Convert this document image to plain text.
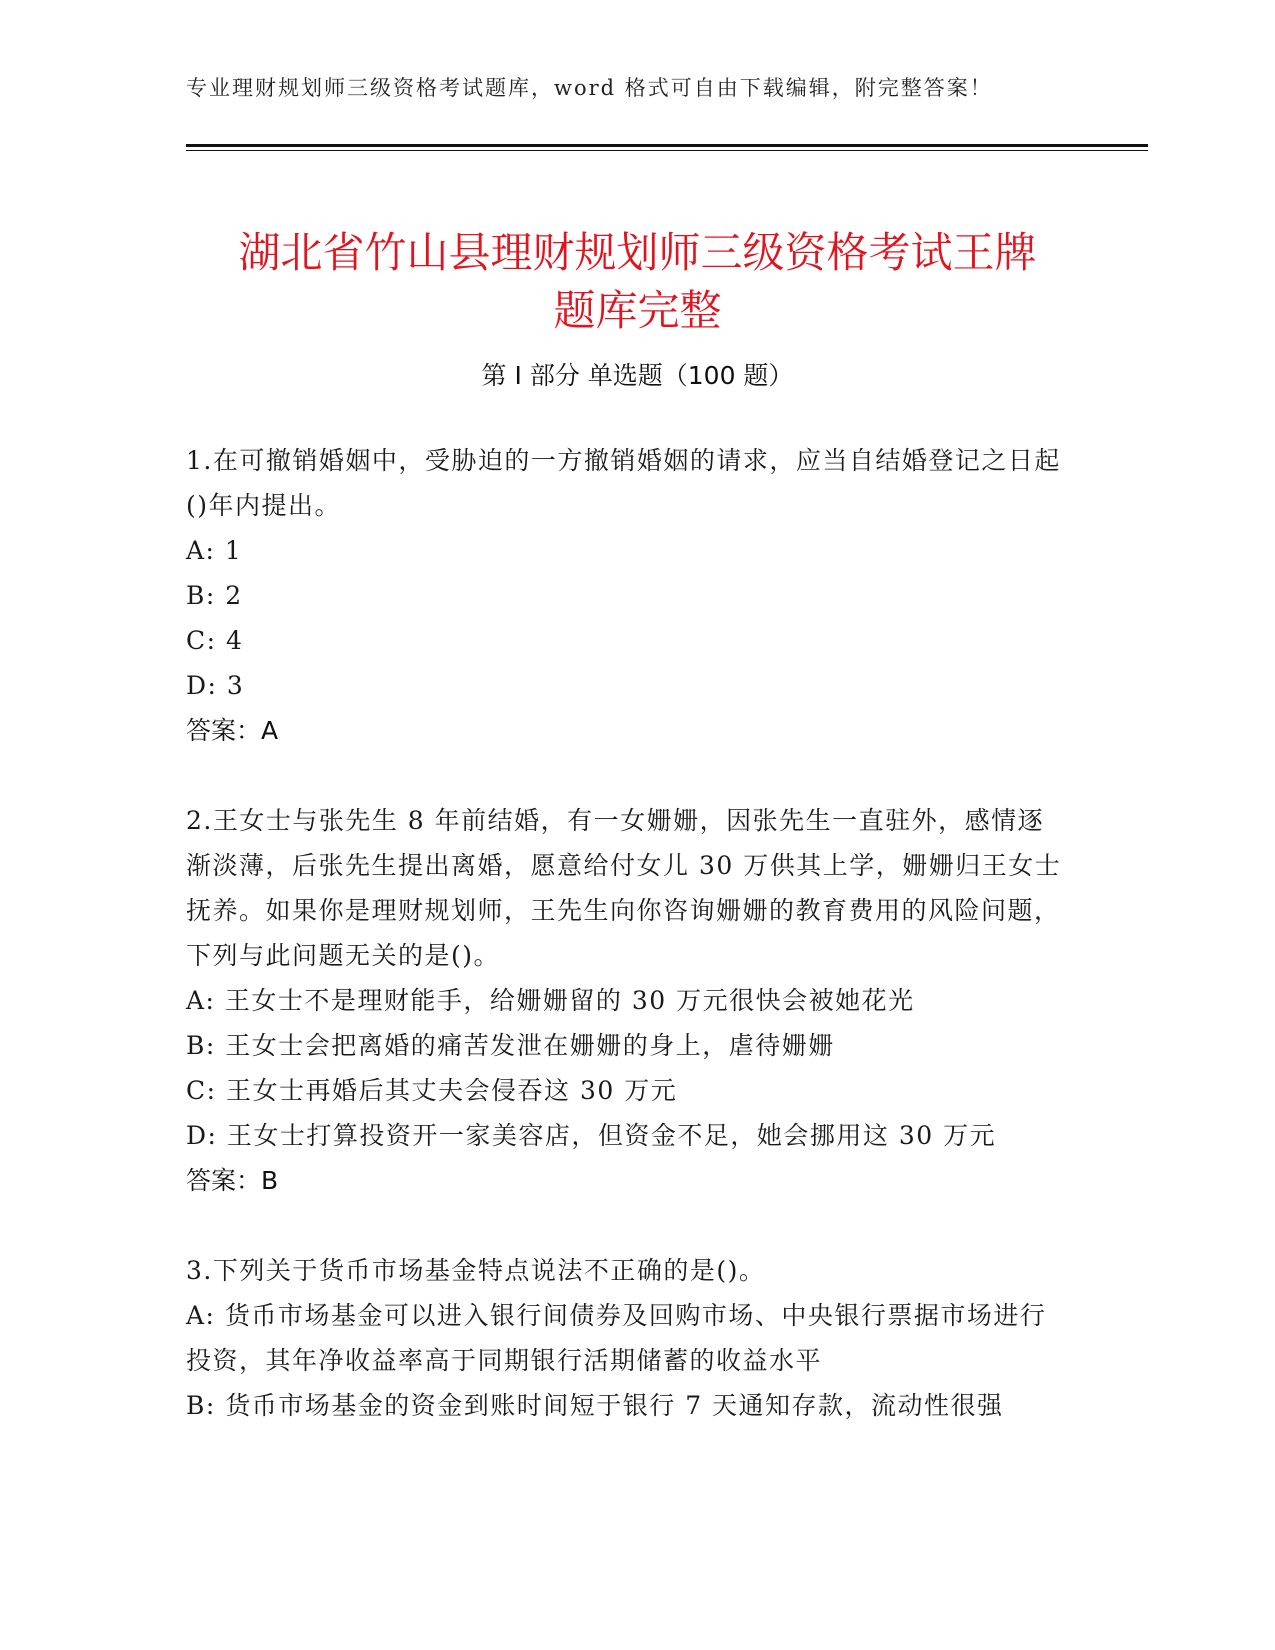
专业理财规划师三级资格考试题库，word 格式可自由下载编辑，附完整答案！
湖北省竹山县理财规划师三级资格考试王牌
题库完整
第 I 部分 单选题（100 题）

1.在可撤销婚姻中，受胁迫的一方撤销婚姻的请求，应当自结婚登记之日起()年内提出。

A: 1

B: 2

C: 4

D: 3

答案：A

2.王女士与张先生 8 年前结婚，有一女姗姗，因张先生一直驻外，感情逐渐淡薄，后张先生提出离婚，愿意给付女儿 30 万供其上学，姗姗归王女士抚养。如果你是理财规划师，王先生向你咨询姗姗的教育费用的风险问题，下列与此问题无关的是()。

A: 王女士不是理财能手，给姗姗留的 30 万元很快会被她花光

B: 王女士会把离婚的痛苦发泄在姗姗的身上，虐待姗姗

C: 王女士再婚后其丈夫会侵吞这 30 万元

D: 王女士打算投资开一家美容店，但资金不足，她会挪用这 30 万元

答案：B

3.下列关于货币市场基金特点说法不正确的是()。

A: 货币市场基金可以进入银行间债券及回购市场、中央银行票据市场进行投资，其年净收益率高于同期银行活期储蓄的收益水平

B: 货币市场基金的资金到账时间短于银行 7 天通知存款，流动性很强
